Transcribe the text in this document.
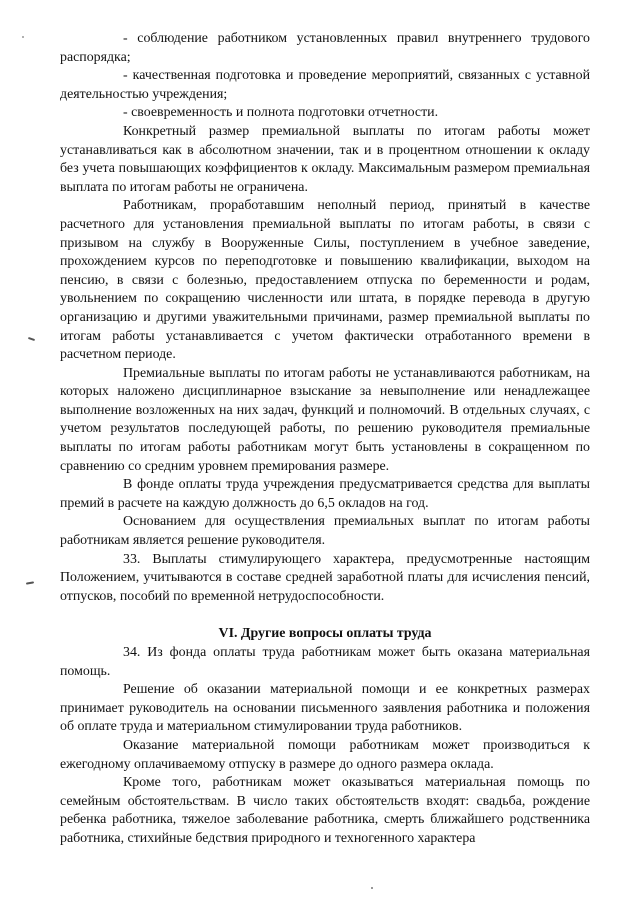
- соблюдение работником установленных правил внутреннего трудового распорядка;

- качественная подготовка и проведение мероприятий, связанных с уставной деятельностью учреждения;

- своевременность и полнота подготовки отчетности.

Конкретный размер премиальной выплаты по итогам работы может устанавливаться как в абсолютном значении, так и в процентном отношении к окладу без учета повышающих коэффициентов к окладу. Максимальным размером премиальная выплата по итогам работы не ограничена.

Работникам, проработавшим неполный период, принятый в качестве расчетного для установления премиальной выплаты по итогам работы, в связи с призывом на службу в Вооруженные Силы, поступлением в учебное заведение, прохождением курсов по переподготовке и повышению квалификации, выходом на пенсию, в связи с болезнью, предоставлением отпуска по беременности и родам, увольнением по сокращению численности или штата, в порядке перевода в другую организацию и другими уважительными причинами, размер премиальной выплаты по итогам работы устанавливается с учетом фактически отработанного времени в расчетном периоде.

Премиальные выплаты по итогам работы не устанавливаются работникам, на которых наложено дисциплинарное взыскание за невыполнение или ненадлежащее выполнение возложенных на них задач, функций и полномочий. В отдельных случаях, с учетом результатов последующей работы, по решению руководителя премиальные выплаты по итогам работы работникам могут быть установлены в сокращенном по сравнению со средним уровнем премирования размере.

В фонде оплаты труда учреждения предусматривается средства для выплаты премий в расчете на каждую должность до 6,5 окладов на год.

Основанием для осуществления премиальных выплат по итогам работы работникам является решение руководителя.

33. Выплаты стимулирующего характера, предусмотренные настоящим Положением, учитываются в составе средней заработной платы для исчисления пенсий, отпусков, пособий по временной нетрудоспособности.

VI. Другие вопросы оплаты труда

34. Из фонда оплаты труда работникам может быть оказана материальная помощь.

Решение об оказании материальной помощи и ее конкретных размерах принимает руководитель на основании письменного заявления работника и положения об оплате труда и материальном стимулировании труда работников.

Оказание материальной помощи работникам может производиться к ежегодному оплачиваемому отпуску в размере до одного размера оклада.

Кроме того, работникам может оказываться материальная помощь по семейным обстоятельствам. В число таких обстоятельств входят: свадьба, рождение ребенка работника, тяжелое заболевание работника, смерть ближайшего родственника работника, стихийные бедствия природного и техногенного характера
